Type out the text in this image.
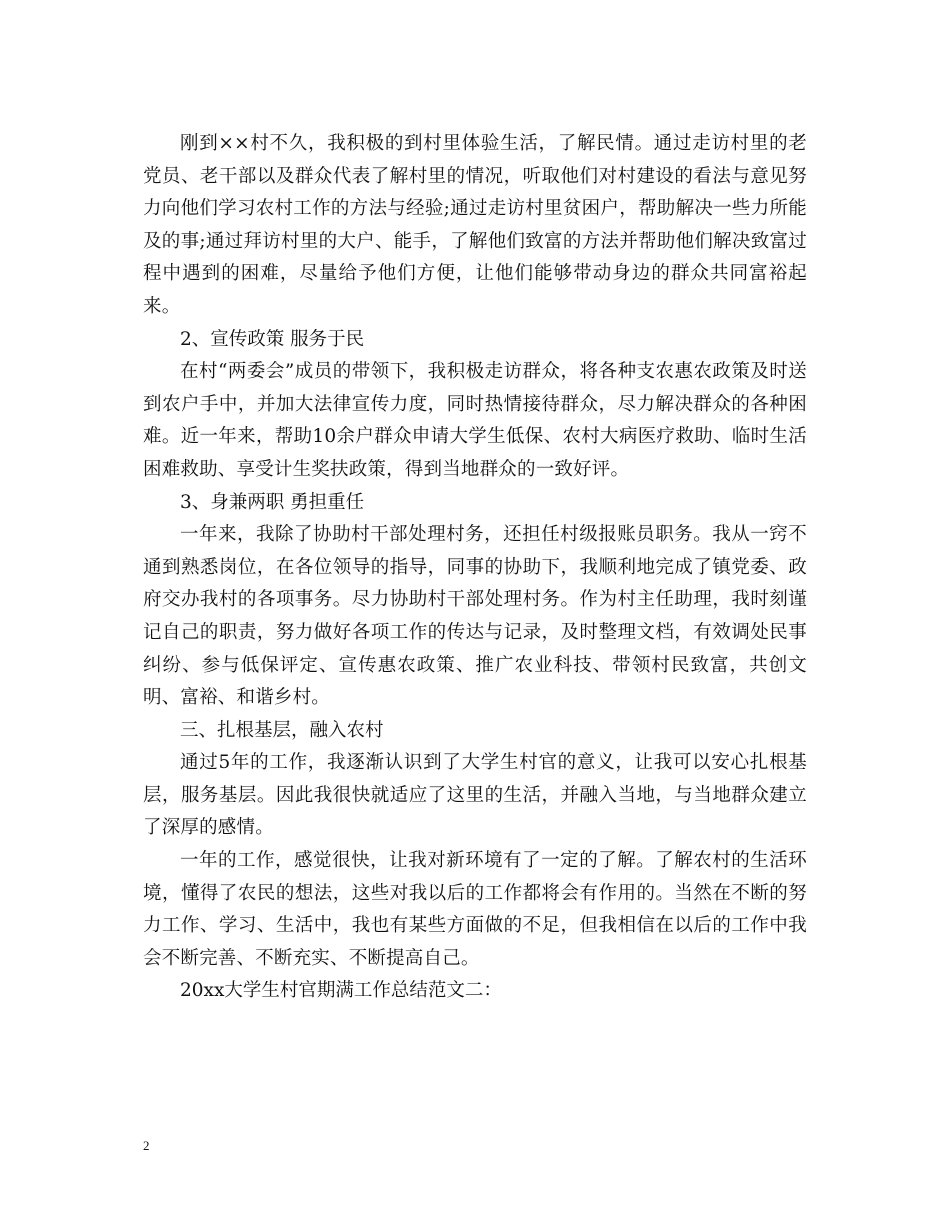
刚到××村不久，我积极的到村里体验生活，了解民情。通过走访村里的老党员、老干部以及群众代表了解村里的情况，听取他们对村建设的看法与意见努力向他们学习农村工作的方法与经验;通过走访村里贫困户，帮助解决一些力所能及的事;通过拜访村里的大户、能手，了解他们致富的方法并帮助他们解决致富过程中遇到的困难，尽量给予他们方便，让他们能够带动身边的群众共同富裕起来。

2、宣传政策 服务于民

在村“两委会”成员的带领下，我积极走访群众，将各种支农惠农政策及时送到农户手中，并加大法律宣传力度，同时热情接待群众，尽力解决群众的各种困难。近一年来，帮助10余户群众申请大学生低保、农村大病医疗救助、临时生活困难救助、享受计生奖扶政策，得到当地群众的一致好评。

3、身兼两职 勇担重任

一年来，我除了协助村干部处理村务，还担任村级报账员职务。我从一窍不通到熟悉岗位，在各位领导的指导，同事的协助下，我顺利地完成了镇党委、政府交办我村的各项事务。尽力协助村干部处理村务。作为村主任助理，我时刻谨记自己的职责，努力做好各项工作的传达与记录，及时整理文档，有效调处民事纠纷、参与低保评定、宣传惠农政策、推广农业科技、带领村民致富，共创文明、富裕、和谐乡村。

三、扎根基层，融入农村

通过5年的工作，我逐渐认识到了大学生村官的意义，让我可以安心扎根基层，服务基层。因此我很快就适应了这里的生活，并融入当地，与当地群众建立了深厚的感情。

一年的工作，感觉很快，让我对新环境有了一定的了解。了解农村的生活环境，懂得了农民的想法，这些对我以后的工作都将会有作用的。当然在不断的努力工作、学习、生活中，我也有某些方面做的不足，但我相信在以后的工作中我会不断完善、不断充实、不断提高自己。

20xx大学生村官期满工作总结范文二：

2
